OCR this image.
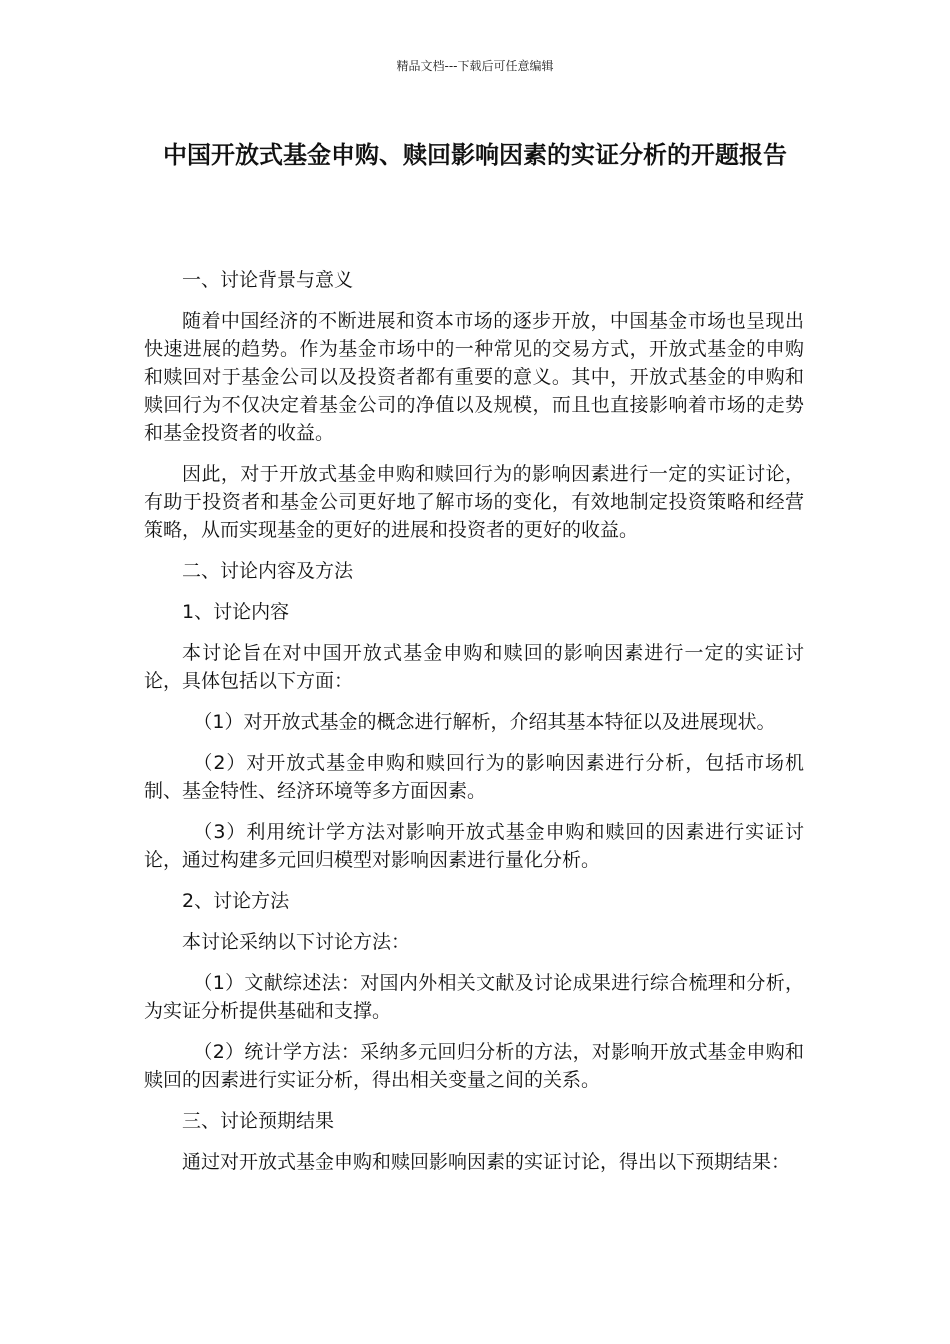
精品文档---下载后可任意编辑
中国开放式基金申购、赎回影响因素的实证分析的开题报告

一、讨论背景与意义

随着中国经济的不断进展和资本市场的逐步开放，中国基金市场也呈现出快速进展的趋势。作为基金市场中的一种常见的交易方式，开放式基金的申购和赎回对于基金公司以及投资者都有重要的意义。其中，开放式基金的申购和赎回行为不仅决定着基金公司的净值以及规模，而且也直接影响着市场的走势和基金投资者的收益。

因此，对于开放式基金申购和赎回行为的影响因素进行一定的实证讨论，有助于投资者和基金公司更好地了解市场的变化，有效地制定投资策略和经营策略，从而实现基金的更好的进展和投资者的更好的收益。

二、讨论内容及方法

1、讨论内容

本讨论旨在对中国开放式基金申购和赎回的影响因素进行一定的实证讨论，具体包括以下方面：

（1）对开放式基金的概念进行解析，介绍其基本特征以及进展现状。

（2）对开放式基金申购和赎回行为的影响因素进行分析，包括市场机制、基金特性、经济环境等多方面因素。

（3）利用统计学方法对影响开放式基金申购和赎回的因素进行实证讨论，通过构建多元回归模型对影响因素进行量化分析。

2、讨论方法

本讨论采纳以下讨论方法：

（1）文献综述法：对国内外相关文献及讨论成果进行综合梳理和分析，为实证分析提供基础和支撑。

（2）统计学方法：采纳多元回归分析的方法，对影响开放式基金申购和赎回的因素进行实证分析，得出相关变量之间的关系。

三、讨论预期结果

通过对开放式基金申购和赎回影响因素的实证讨论，得出以下预期结果：
